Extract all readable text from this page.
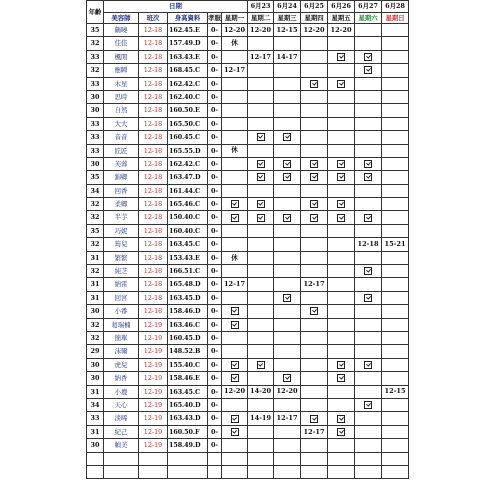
年齡	日期					6月23	6月24	6月25	6月26	6月27	6月28	
	美容師	班次	身高資料	孝服	星期一	星期二	星期三	星期四	星期五	星期六	星期日	
35	鶴曉	12-18	162.45.E	0-	12-20	12-20	12-15	12-20	12-20			
32	佳佳	12-18	157.49.D	0-	休							
33	楓閒	12-18	163.43.E	0-		12-17	14-17					
32	應瞬	12-18	168.45.C	0-	12-17							
33	木星	12-18	162.42.C	0-								
30	思時	12-18	162.40.C	0-								
30	自然	12-18	160.50.E	0-								
33	大大	12-18	165.50.C	0-								
33	音音	12-18	160.45.C	0-								
33	匠匠	12-18	165.55.D	0-	休							
30	芙蓉	12-18	162.42.C	0-								
35	錦卿	12-18	163.47.D	0-								
34	回香	12-18	161.44.C	0-								
32	柔卿	12-18	165.46.C	0-								
32	半芋	12-18	150.40.C	0-								
35	巧妮	12-18	160.40.C	0-								
32	筠兒	12-18	163.45.C	0-						12-18	15-21	
31	繁繁	12-18	153.43.E	0-	休							
32	純芝	12-18	166.51.C	0-								
31	納雷	12-18	165.48.D	0-	12-17			12-17				
31	回宮	12-18	163.45.D	0-								
30	小番	12-18	158.46.D	0-								
32	葛瑞楠	12-19	163.46.C	0-								
32	簡單	12-19	160.45.D	0-								
29	沫爾	12-19	148.52.B	0-								
30	虎兒	12-19	155.40.C	0-								
30	納香	12-19	158.46.E	0-								
31	小鹿	12-19	163.45.C	0-	12-20	14-20	12-20				12-15	
34	天心	12-19	165.40.D	0-								
33	淡晞	12-19	163.43.D	0-		14-19	12-17					
31	紀己	12-19	160.50.F	0-				12-17				
30	幀美	12-19	158.49.D	0-								
